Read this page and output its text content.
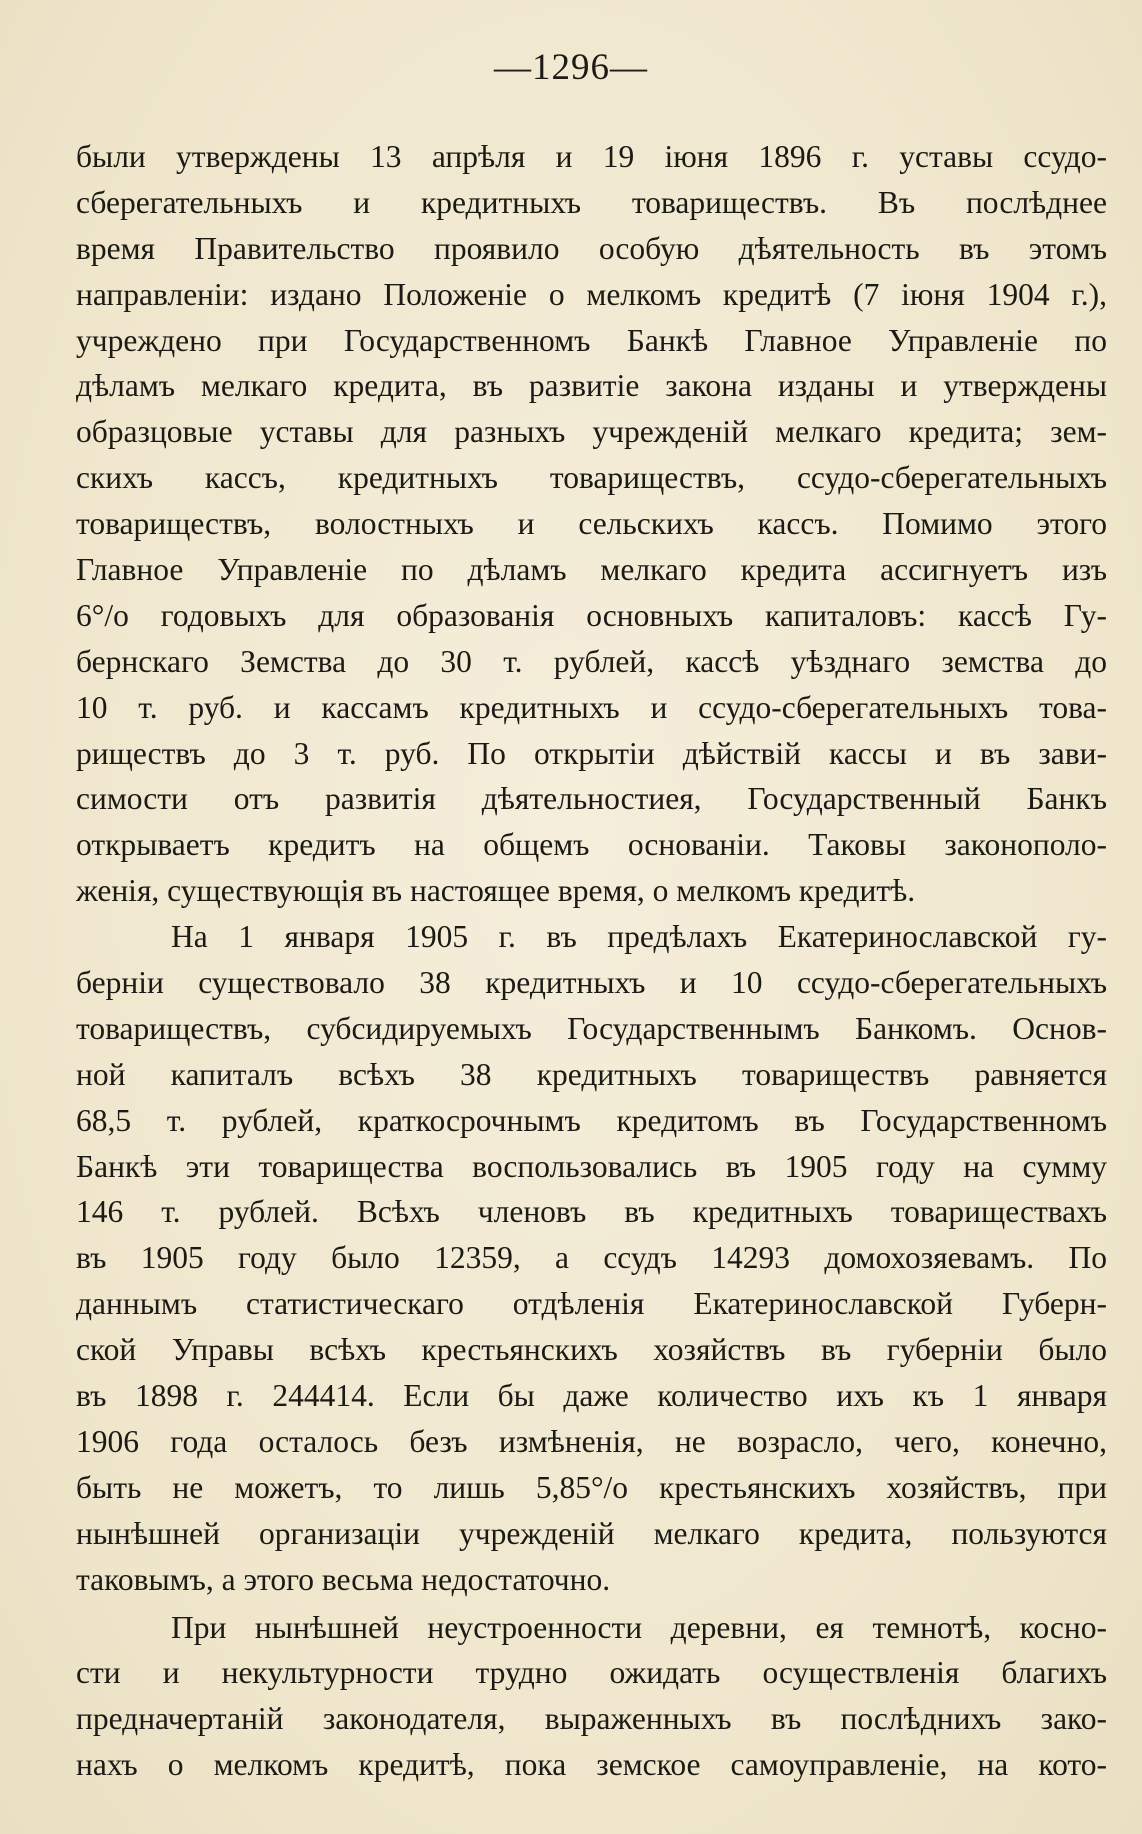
—1296—
были утверждены 13 апрѣля и 19 іюня 1896 г. уставы ссудо-
сберегательныхъ и кредитныхъ товариществъ. Въ послѣднее
время Правительство проявило особую дѣятельность въ этомъ
направленіи: издано Положеніе о мелкомъ кредитѣ (7 іюня 1904 г.),
учреждено при Государственномъ Банкѣ Главное Управленіе по
дѣламъ мелкаго кредита, въ развитіе закона изданы и утверждены
образцовые уставы для разныхъ учрежденій мелкаго кредита; зем-
скихъ кассъ, кредитныхъ товариществъ, ссудо-сберегательныхъ
товариществъ, волостныхъ и сельскихъ кассъ. Помимо этого
Главное Управленіе по дѣламъ мелкаго кредита ассигнуетъ изъ
6°/о годовыхъ для образованія основныхъ капиталовъ: кассѣ Гу-
бернскаго Земства до 30 т. рублей, кассѣ уѣзднаго земства до
10 т. руб. и кассамъ кредитныхъ и ссудо-сберегательныхъ това-
риществъ до 3 т. руб. По открытіи дѣйствій кассы и въ зави-
симости отъ развитія дѣятельностиея, Государственный Банкъ
открываетъ кредитъ на общемъ основаніи. Таковы законополо-
женія, существующія въ настоящее время, о мелкомъ кредитѣ.
На 1 января 1905 г. въ предѣлахъ Екатеринославской гу-
берніи существовало 38 кредитныхъ и 10 ссудо-сберегательныхъ
товариществъ, субсидируемыхъ Государственнымъ Банкомъ. Основ-
ной капиталъ всѣхъ 38 кредитныхъ товариществъ равняется
68,5 т. рублей, краткосрочнымъ кредитомъ въ Государственномъ
Банкѣ эти товарищества воспользовались въ 1905 году на сумму
146 т. рублей. Всѣхъ членовъ въ кредитныхъ товариществахъ
въ 1905 году было 12359, а ссудъ 14293 домохозяевамъ. По
даннымъ статистическаго отдѣленія Екатеринославской Губерн-
ской Управы всѣхъ крестьянскихъ хозяйствъ въ губерніи было
въ 1898 г. 244414. Если бы даже количество ихъ къ 1 января
1906 года осталось безъ измѣненія, не возрасло, чего, конечно,
быть не можетъ, то лишь 5,85°/о крестьянскихъ хозяйствъ, при
нынѣшней организаціи учрежденій мелкаго кредита, пользуются
таковымъ, а этого весьма недостаточно.
При нынѣшней неустроенности деревни, ея темнотѣ, косно-
сти и некультурности трудно ожидать осуществленія благихъ
предначертаній законодателя, выраженныхъ въ послѣднихъ зако-
нахъ о мелкомъ кредитѣ, пока земское самоуправленіе, на кото-
